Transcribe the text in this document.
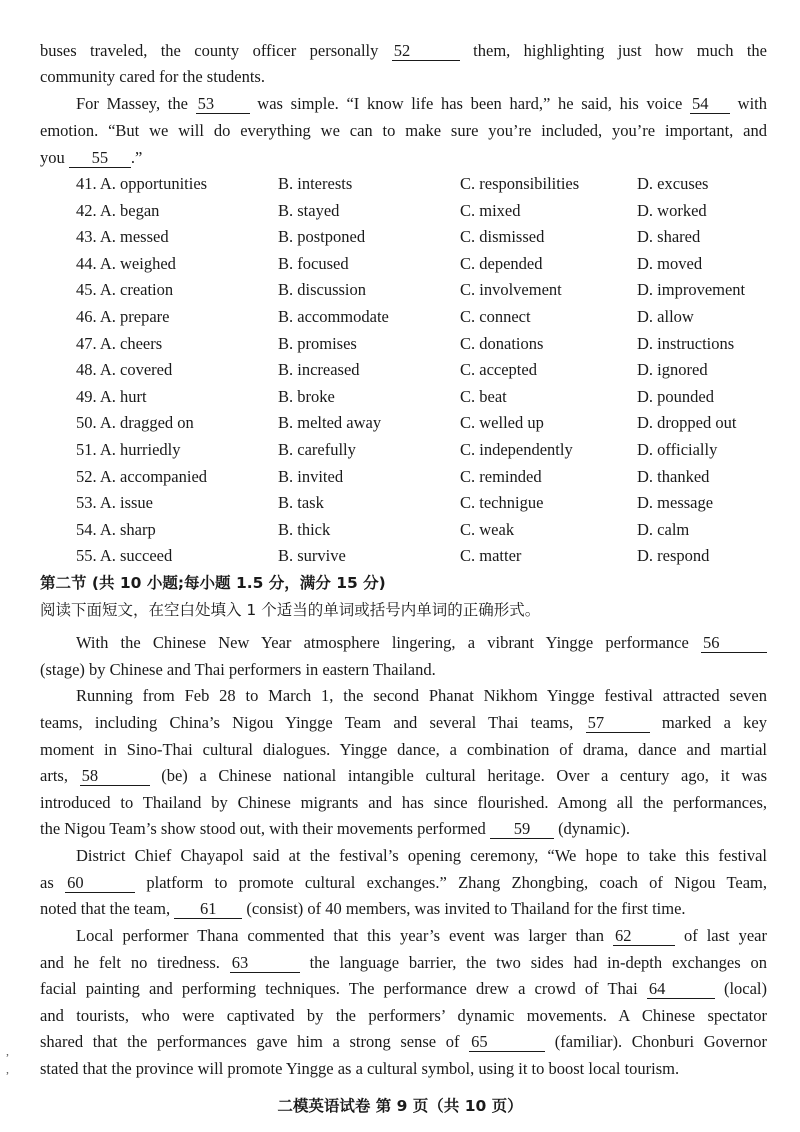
buses traveled, the county officer personally 52	them, highlighting just how much the
community cared for the students.
For Massey, the 53 was simple. “I know life has been hard,” he said, his voice 54 with
emotion. “But we will do everything we can to make sure you’re included, you’re important, and
you 55 .”
41. A. opportunities	B. interests	C. responsibilities	D. excuses
42. A. began	B. stayed	C. mixed	D. worked
43. A. messed	B. postponed	C. dismissed	D. shared
44. A. weighed	B. focused	C. depended	D. moved
45. A. creation	B. discussion	C. involvement	D. improvement
46. A. prepare	B. accommodate	C. connect	D. allow
47. A. cheers	B. promises	C. donations	D. instructions
48. A. covered	B. increased	C. accepted	D. ignored
49. A. hurt	B. broke	C. beat	D. pounded
50. A. dragged on	B. melted away	C. welled up	D. dropped out
51. A. hurriedly	B. carefully	C. independently	D. officially
52. A. accompanied	B. invited	C. reminded	D. thanked
53. A. issue	B. task	C. technigue	D. message
54. A. sharp	B. thick	C. weak	D. calm
55. A. succeed	B. survive	C. matter	D. respond
第二节 (共 10 小题;每小题 1.5 分，满分 15 分)
阅读下面短文，在空白处填入 1 个适当的单词或括号内单词的正确形式。
With the Chinese New Year atmosphere lingering, a vibrant Yingge performance 56
(stage) by Chinese and Thai performers in eastern Thailand.
Running from Feb 28 to March 1, the second Phanat Nikhom Yingge festival attracted seven
teams, including China’s Nigou Yingge Team and several Thai teams, 57	marked a key
moment in Sino-Thai cultural dialogues. Yingge dance, a combination of drama, dance and martial
arts, 58	(be) a Chinese national intangible cultural heritage. Over a century ago, it was
introduced to Thailand by Chinese migrants and has since flourished. Among all the performances,
the Nigou Team’s show stood out, with their movements performed 59 (dynamic).
District Chief Chayapol said at the festival’s opening ceremony, “We hope to take this festival
as 60	platform to promote cultural exchanges.” Zhang Zhongbing, coach of Nigou Team,
noted that the team, 61 (consist) of 40 members, was invited to Thailand for the first time.
Local performer Thana commented that this year’s event was larger than 62	of last year
and he felt no tiredness. 63	the language barrier, the two sides had in-depth exchanges on
facial painting and performing techniques. The performance drew a crowd of Thai 64	(local)
and tourists, who were captivated by the performers’ dynamic movements. A Chinese spectator
shared that the performances gave him a strong sense of 65	(familiar). Chonburi Governor
stated that the province will promote Yingge as a cultural symbol, using it to boost local tourism.
,
,
二模英语试卷 第 9 页（共 10 页）
